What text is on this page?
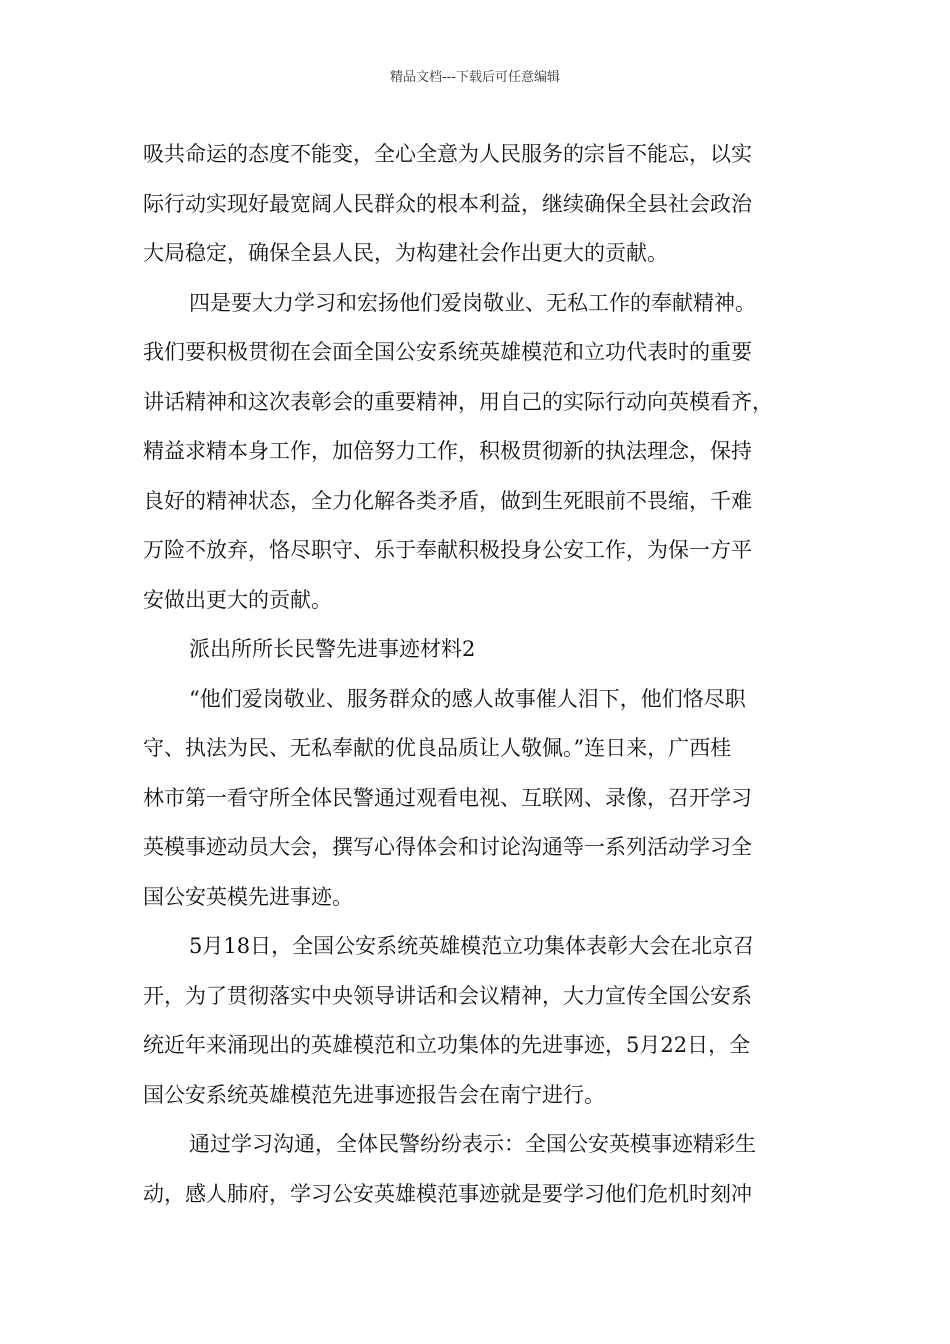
精品文档---下载后可任意编辑
吸共命运的态度不能变，全心全意为人民服务的宗旨不能忘，以实
际行动实现好最宽阔人民群众的根本利益，继续确保全县社会政治
大局稳定，确保全县人民，为构建社会作出更大的贡献。
四是要大力学习和宏扬他们爱岗敬业、无私工作的奉献精神。
我们要积极贯彻在会面全国公安系统英雄模范和立功代表时的重要
讲话精神和这次表彰会的重要精神，用自己的实际行动向英模看齐，
精益求精本身工作，加倍努力工作，积极贯彻新的执法理念，保持
良好的精神状态，全力化解各类矛盾，做到生死眼前不畏缩，千难
万险不放弃，恪尽职守、乐于奉献积极投身公安工作，为保一方平
安做出更大的贡献。
派出所所长民警先进事迹材料2
“他们爱岗敬业、服务群众的感人故事催人泪下，他们恪尽职
守、执法为民、无私奉献的优良品质让人敬佩。”连日来，广西桂
林市第一看守所全体民警通过观看电视、互联网、录像，召开学习
英模事迹动员大会，撰写心得体会和讨论沟通等一系列活动学习全
国公安英模先进事迹。
5月18日，全国公安系统英雄模范立功集体表彰大会在北京召
开，为了贯彻落实中央领导讲话和会议精神，大力宣传全国公安系
统近年来涌现出的英雄模范和立功集体的先进事迹，5月22日，全
国公安系统英雄模范先进事迹报告会在南宁进行。
通过学习沟通，全体民警纷纷表示：全国公安英模事迹精彩生
动，感人肺府，学习公安英雄模范事迹就是要学习他们危机时刻冲
